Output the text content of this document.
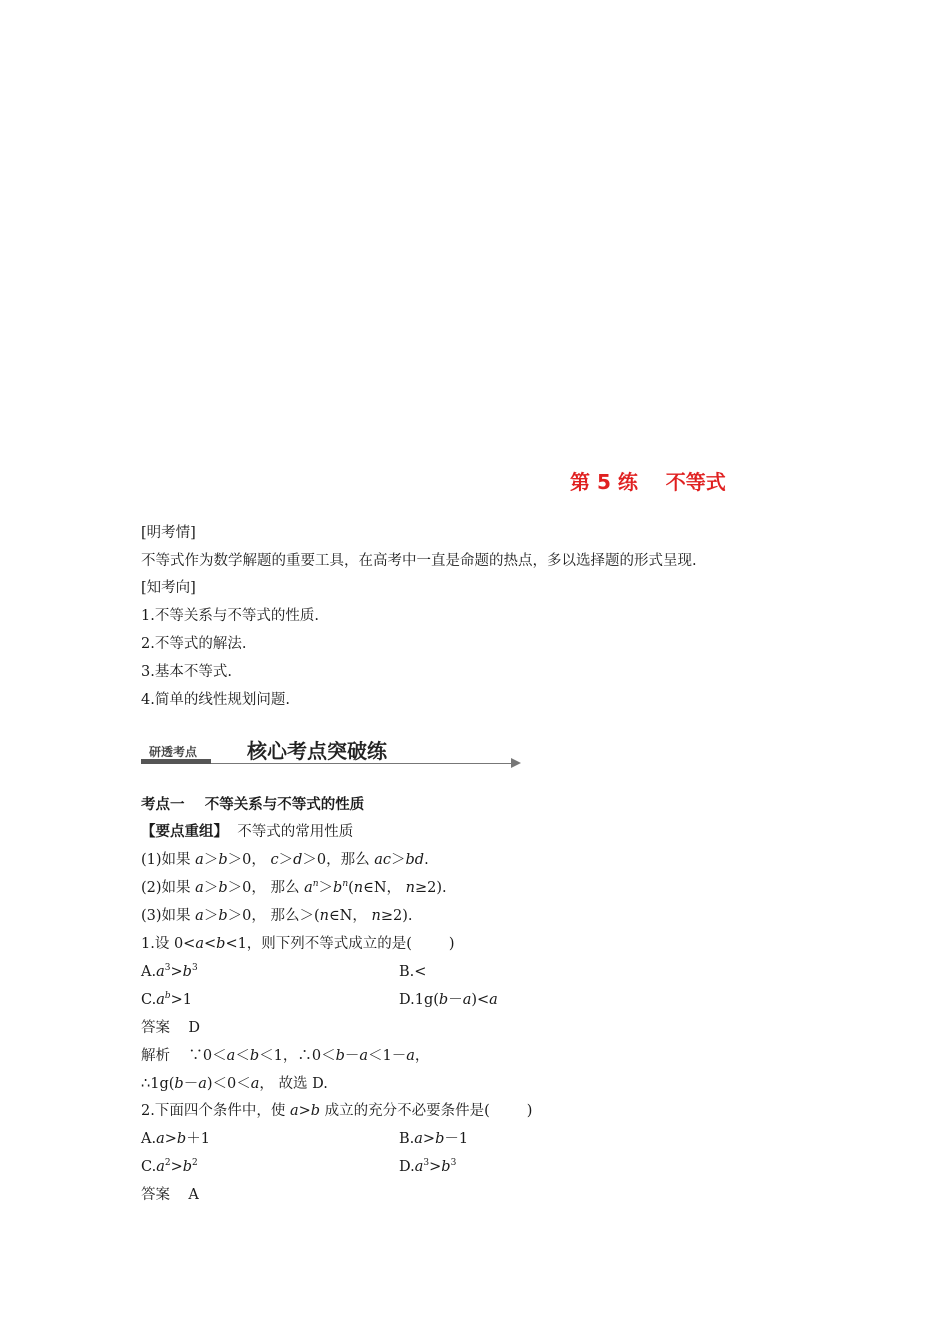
第 5 练    不等式
[明考情]
不等式作为数学解题的重要工具，在高考中一直是命题的热点，多以选择题的形式呈现.
[知考向]
1.不等关系与不等式的性质.
2.不等式的解法.
3.基本不等式.
4.简单的线性规划问题.
研透考点 核心考点突破练
考点一    不等关系与不等式的性质
【要点重组】  不等式的常用性质
(1)如果 a＞b＞0， c＞d＞0，那么 ac＞bd.
(2)如果 a＞b＞0， 那么 $a^n>b^n(n\in N$， n≥2).
(3)如果 a＞b＞0， 那么＞(n∈N， n≥2).
1.设 0<a<b<1，则下列不等式成立的是(        )
$A.a^3>b^3$	B.<
$C.a^b>1$	D.1g(b－a)<a
答案    D
解析    ∵0＜a＜b＜1，∴0＜b－a＜1－a，
∴1g(b－a)＜0＜a， 故选 D.
2.下面四个条件中，使 a>b 成立的充分不必要条件是(        )
A.a>b＋1	B.a>b－1
$C.a^2>b^2$	$D.a^3>b^3$
答案    A
